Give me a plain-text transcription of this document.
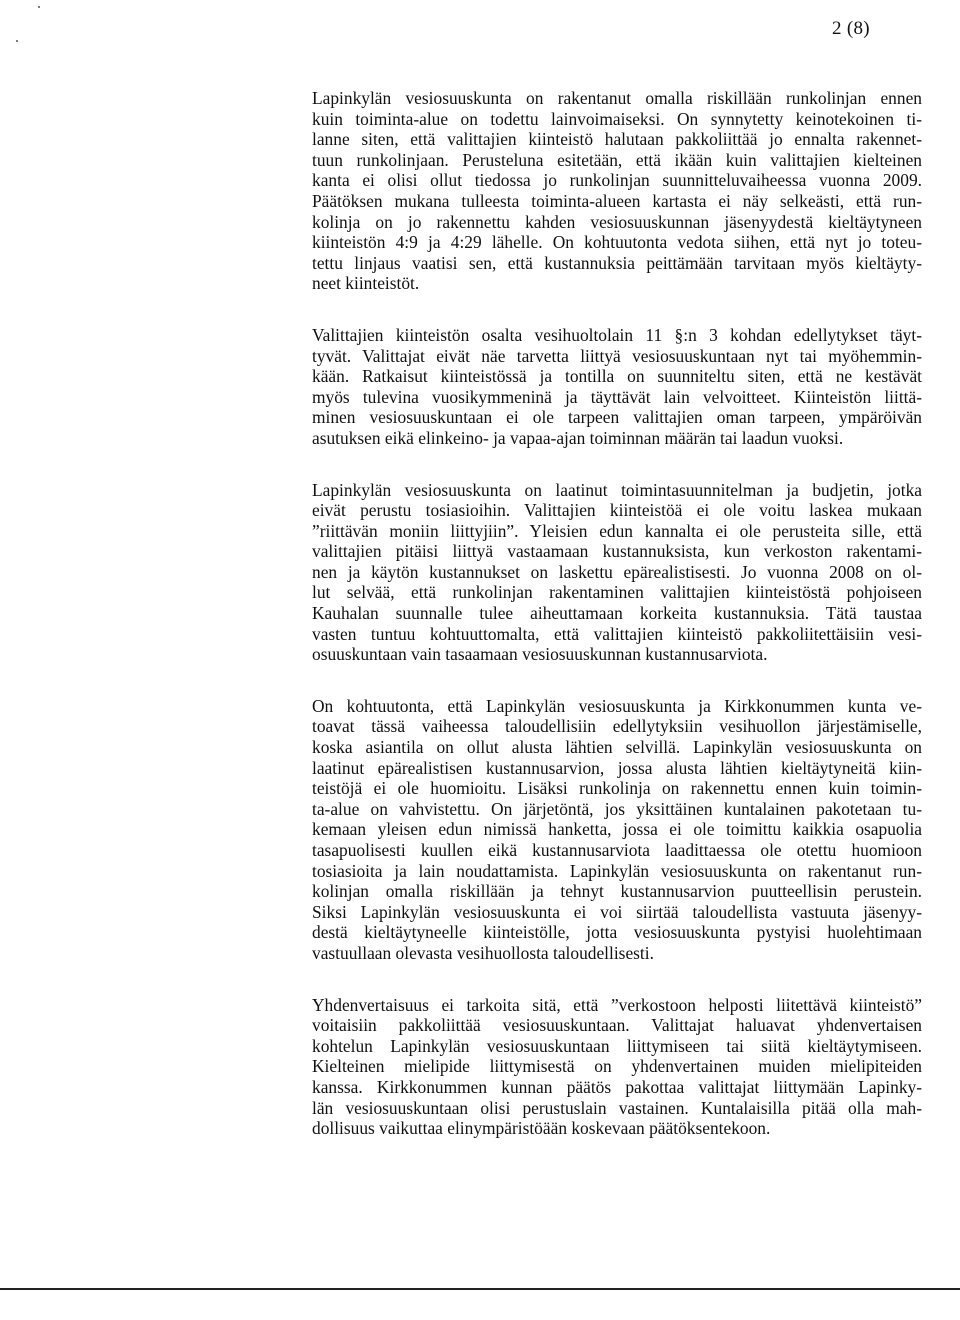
2 (8)
Lapinkylän vesiosuuskunta on rakentanut omalla riskillään runkolinjan ennen
kuin toiminta-alue on todettu lainvoimaiseksi. On synnytetty keinotekoinen ti-
lanne siten, että valittajien kiinteistö halutaan pakkoliittää jo ennalta rakennet-
tuun runkolinjaan. Perusteluna esitetään, että ikään kuin valittajien kielteinen
kanta ei olisi ollut tiedossa jo runkolinjan suunnitteluvaiheessa vuonna 2009.
Päätöksen mukana tulleesta toiminta-alueen kartasta ei näy selkeästi, että run-
kolinja on jo rakennettu kahden vesiosuuskunnan jäsenyydestä kieltäytyneen
kiinteistön 4:9 ja 4:29 lähelle. On kohtuutonta vedota siihen, että nyt jo toteu-
tettu linjaus vaatisi sen, että kustannuksia peittämään tarvitaan myös kieltäyty-
neet kiinteistöt.
Valittajien kiinteistön osalta vesihuoltolain 11 §:n 3 kohdan edellytykset täyt-
tyvät. Valittajat eivät näe tarvetta liittyä vesiosuuskuntaan nyt tai myöhemmin-
kään. Ratkaisut kiinteistössä ja tontilla on suunniteltu siten, että ne kestävät
myös tulevina vuosikymmeninä ja täyttävät lain velvoitteet. Kiinteistön liittä-
minen vesiosuuskuntaan ei ole tarpeen valittajien oman tarpeen, ympäröivän
asutuksen eikä elinkeino- ja vapaa-ajan toiminnan määrän tai laadun vuoksi.
Lapinkylän vesiosuuskunta on laatinut toimintasuunnitelman ja budjetin, jotka
eivät perustu tosiasioihin. Valittajien kiinteistöä ei ole voitu laskea mukaan
”riittävän moniin liittyjiin”. Yleisien edun kannalta ei ole perusteita sille, että
valittajien pitäisi liittyä vastaamaan kustannuksista, kun verkoston rakentami-
nen ja käytön kustannukset on laskettu epärealistisesti. Jo vuonna 2008 on ol-
lut selvää, että runkolinjan rakentaminen valittajien kiinteistöstä pohjoiseen
Kauhalan suunnalle tulee aiheuttamaan korkeita kustannuksia. Tätä taustaa
vasten tuntuu kohtuuttomalta, että valittajien kiinteistö pakkoliitettäisiin vesi-
osuuskuntaan vain tasaamaan vesiosuuskunnan kustannusarviota.
On kohtuutonta, että Lapinkylän vesiosuuskunta ja Kirkkonummen kunta ve-
toavat tässä vaiheessa taloudellisiin edellytyksiin vesihuollon järjestämiselle,
koska asiantila on ollut alusta lähtien selvillä. Lapinkylän vesiosuuskunta on
laatinut epärealistisen kustannusarvion, jossa alusta lähtien kieltäytyneitä kiin-
teistöjä ei ole huomioitu. Lisäksi runkolinja on rakennettu ennen kuin toimin-
ta-alue on vahvistettu. On järjetöntä, jos yksittäinen kuntalainen pakotetaan tu-
kemaan yleisen edun nimissä hanketta, jossa ei ole toimittu kaikkia osapuolia
tasapuolisesti kuullen eikä kustannusarviota laadittaessa ole otettu huomioon
tosiasioita ja lain noudattamista. Lapinkylän vesiosuuskunta on rakentanut run-
kolinjan omalla riskillään ja tehnyt kustannusarvion puutteellisin perustein.
Siksi Lapinkylän vesiosuuskunta ei voi siirtää taloudellista vastuuta jäsenyy-
destä kieltäytyneelle kiinteistölle, jotta vesiosuuskunta pystyisi huolehtimaan
vastuullaan olevasta vesihuollosta taloudellisesti.
Yhdenvertaisuus ei tarkoita sitä, että ”verkostoon helposti liitettävä kiinteistö”
voitaisiin pakkoliittää vesiosuuskuntaan. Valittajat haluavat yhdenvertaisen
kohtelun Lapinkylän vesiosuuskuntaan liittymiseen tai siitä kieltäytymiseen.
Kielteinen mielipide liittymisestä on yhdenvertainen muiden mielipiteiden
kanssa. Kirkkonummen kunnan päätös pakottaa valittajat liittymään Lapinky-
län vesiosuuskuntaan olisi perustuslain vastainen. Kuntalaisilla pitää olla mah-
dollisuus vaikuttaa elinympäristöään koskevaan päätöksentekoon.
